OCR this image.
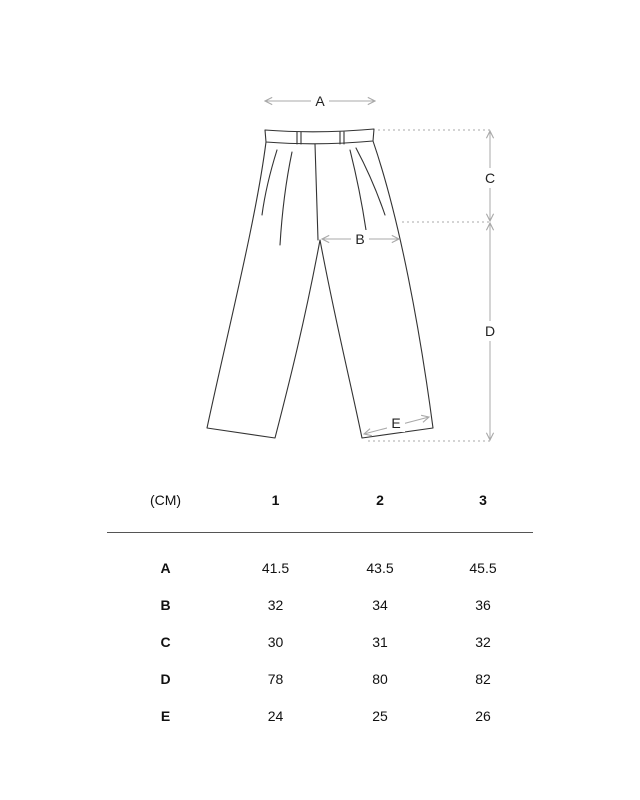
A
B
C
D
E
(CM)	1	2	3
A	41.5	43.5	45.5
B	32	34	36
C	30	31	32
D	78	80	82
E	24	25	26
